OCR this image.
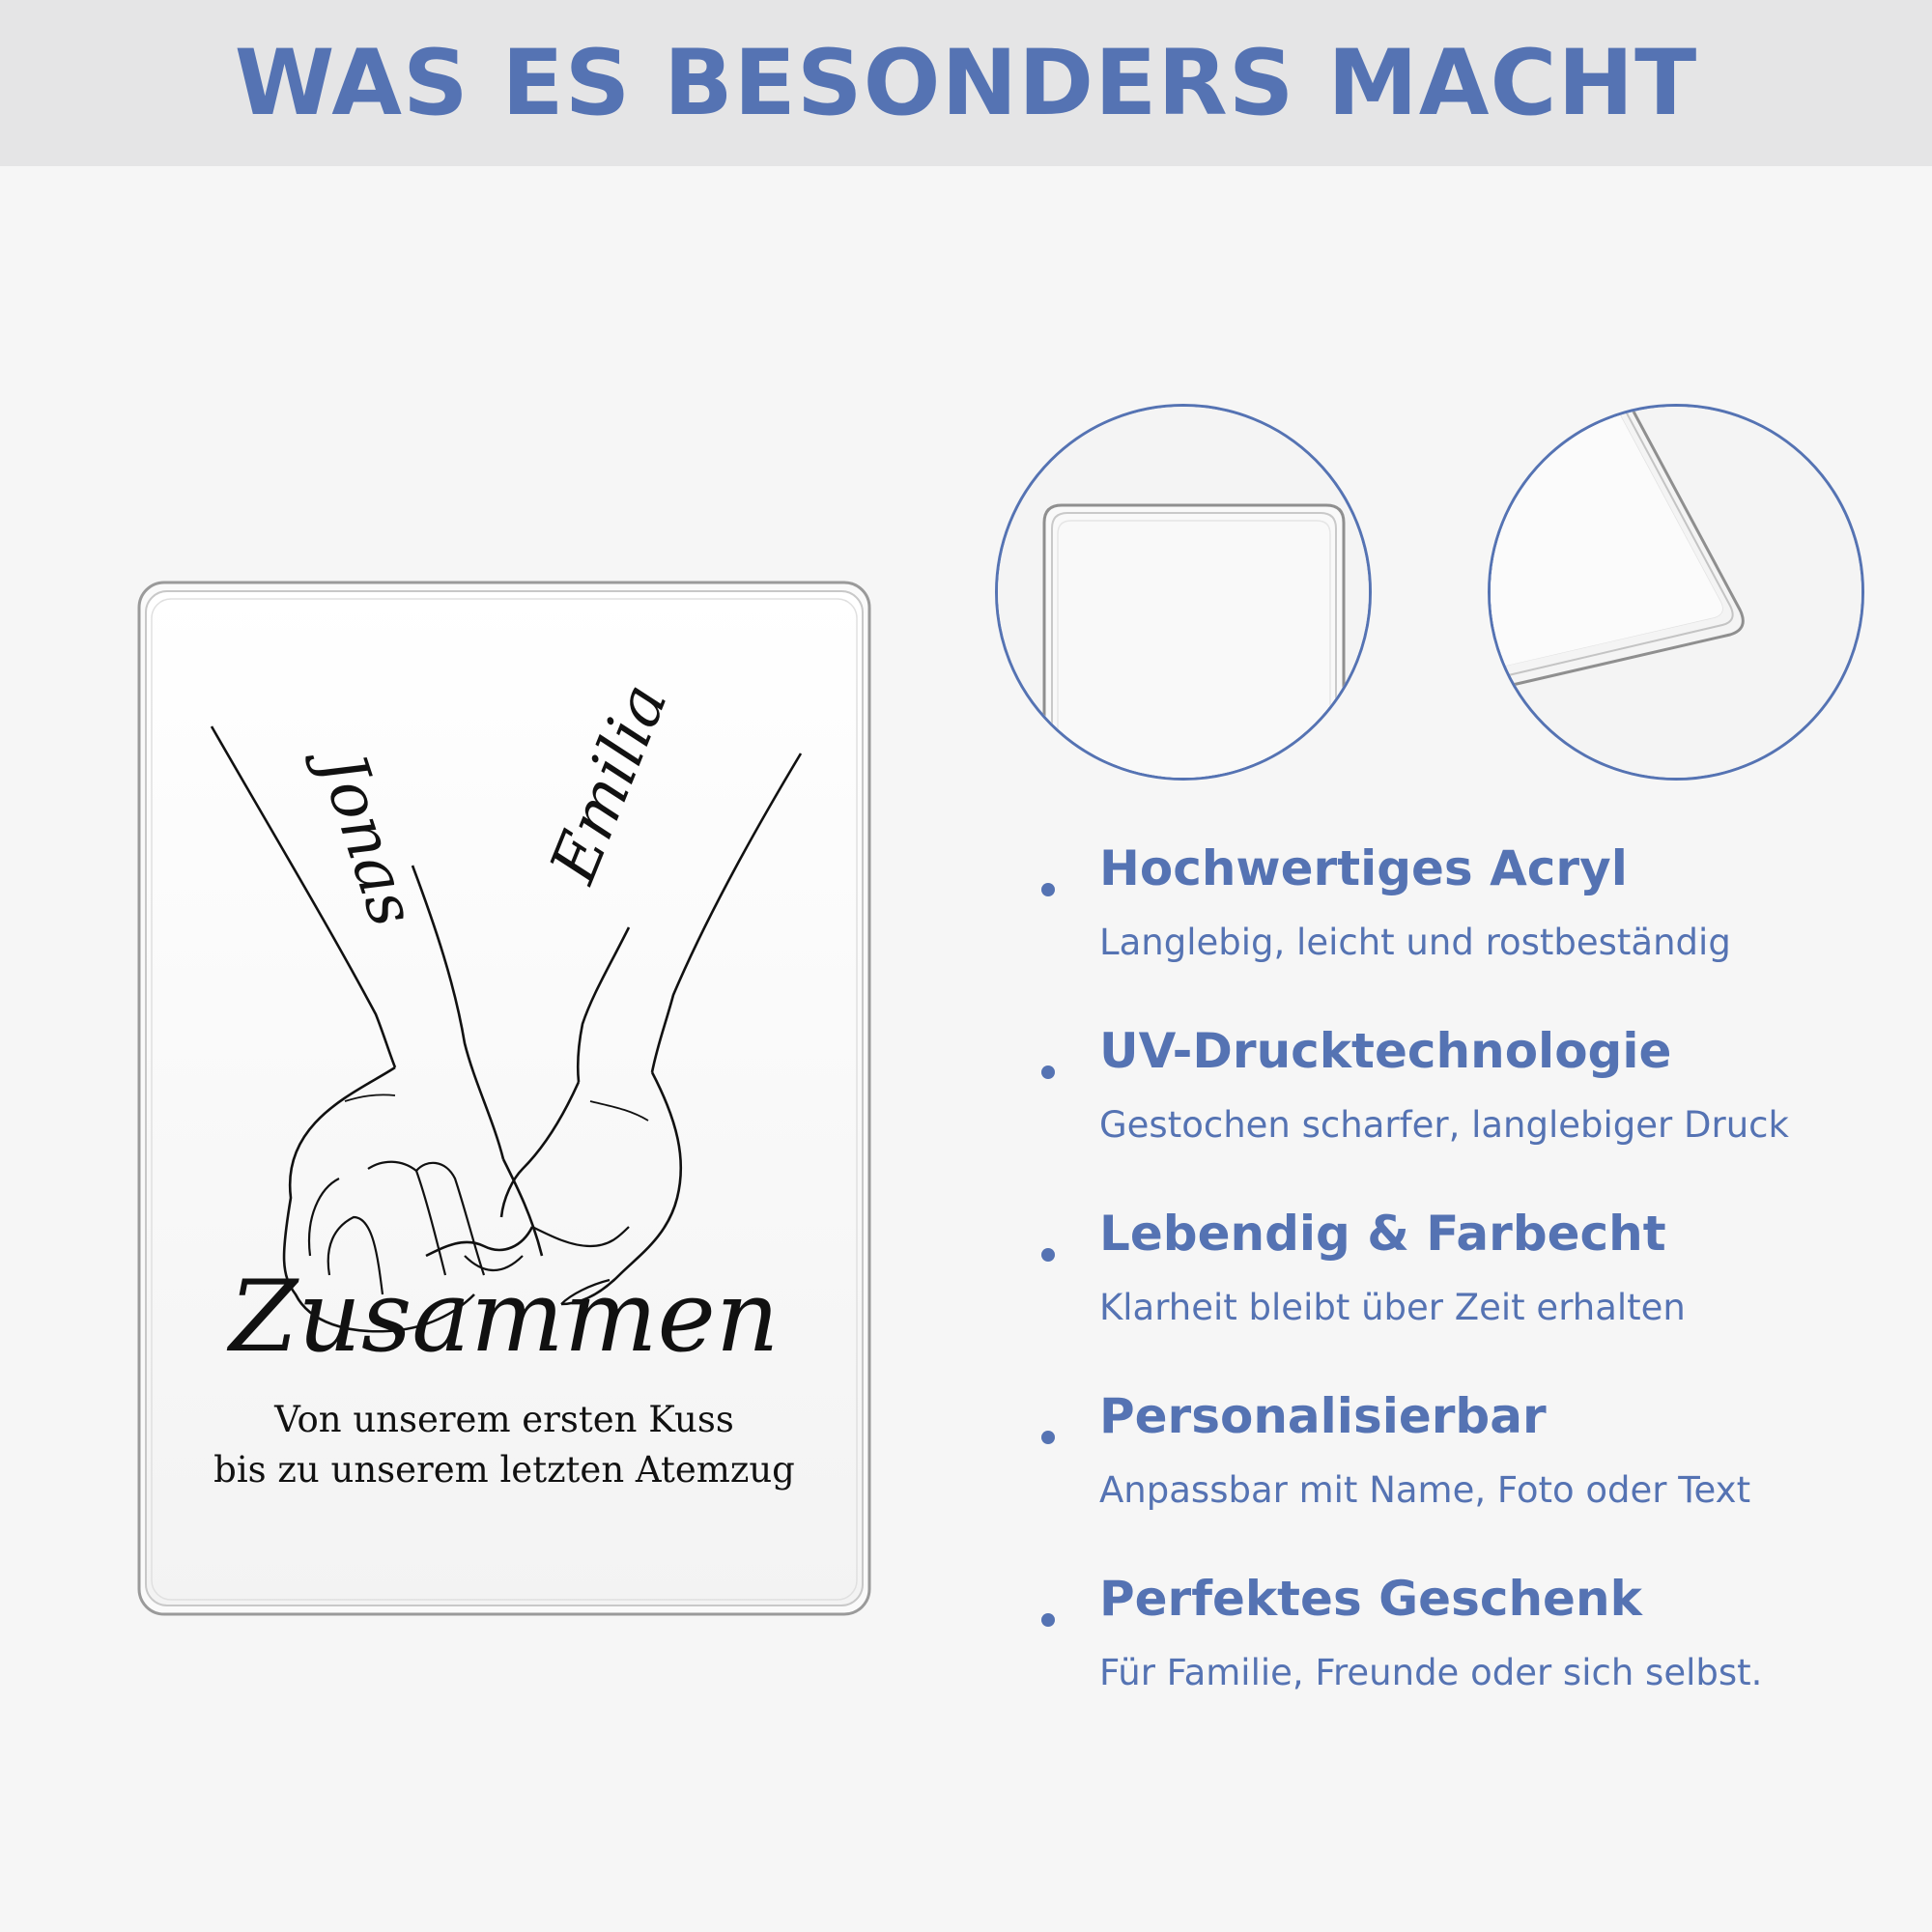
WAS ES BESONDERS MACHT
Jonas Emilia
Zusammen
Von unserem ersten Kuss
bis zu unserem letzten Atemzug
Hochwertiges Acryl
Langlebig, leicht und rostbeständig
UV-Drucktechnologie
Gestochen scharfer, langlebiger Druck
Lebendig & Farbecht
Klarheit bleibt über Zeit erhalten
Personalisierbar
Anpassbar mit Name, Foto oder Text
Perfektes Geschenk
Für Familie, Freunde oder sich selbst.
